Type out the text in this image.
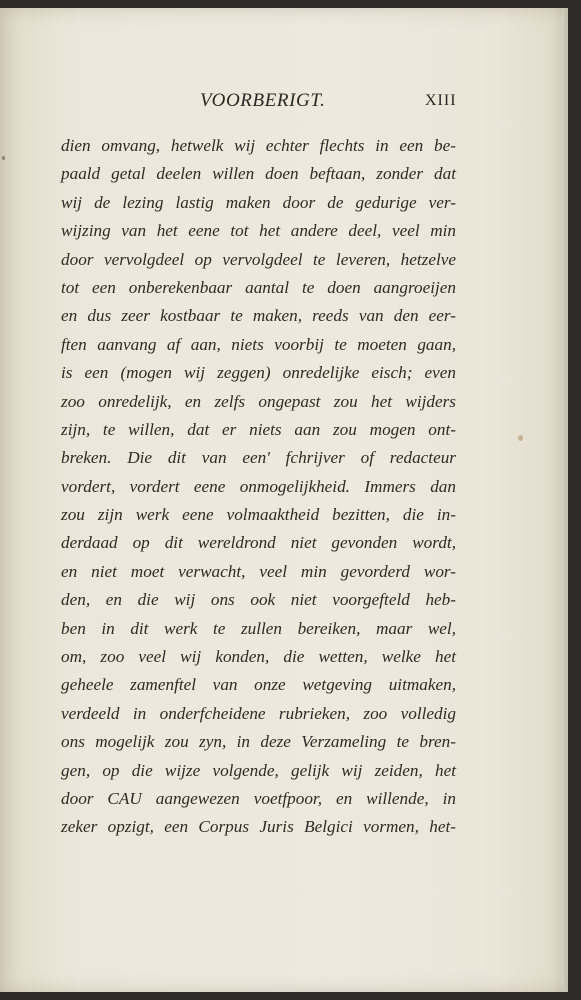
VOORBERIGT.	XIII
dien omvang, hetwelk wij echter flechts in een be-
paald getal deelen willen doen beftaan, zonder dat
wij de lezing lastig maken door de gedurige ver-
wijzing van het eene tot het andere deel, veel min
door vervolgdeel op vervolgdeel te leveren, hetzelve
tot een onberekenbaar aantal te doen aangroeijen
en dus zeer kostbaar te maken, reeds van den eer-
ften aanvang af aan, niets voorbij te moeten gaan,
is een (mogen wij zeggen) onredelijke eisch; even
zoo onredelijk, en zelfs ongepast zou het wijders
zijn, te willen, dat er niets aan zou mogen ont-
breken. Die dit van een' fchrijver of redacteur
vordert, vordert eene onmogelijkheid. Immers dan
zou zijn werk eene volmaaktheid bezitten, die in-
derdaad op dit wereldrond niet gevonden wordt,
en niet moet verwacht, veel min gevorderd wor-
den, en die wij ons ook niet voorgefteld heb-
ben in dit werk te zullen bereiken, maar wel,
om, zoo veel wij konden, die wetten, welke het
geheele zamenftel van onze wetgeving uitmaken,
verdeeld in onderfcheidene rubrieken, zoo volledig
ons mogelijk zou zyn, in deze Verzameling te bren-
gen, op die wijze volgende, gelijk wij zeiden, het
door CAU aangewezen voetfpoor, en willende, in
zeker opzigt, een Corpus Juris Belgici vormen, het-
